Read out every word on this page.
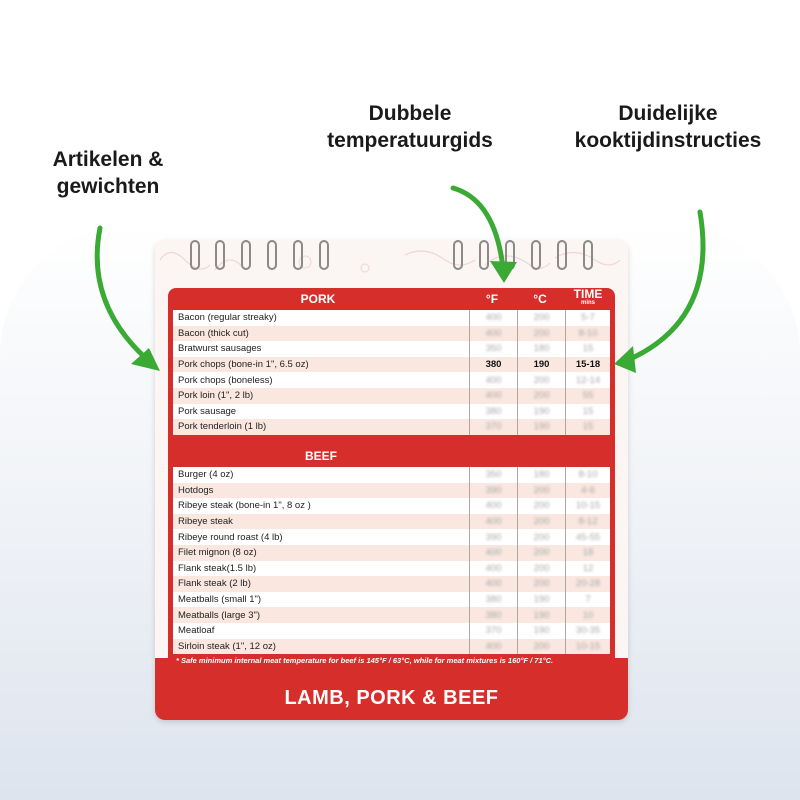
Artikelen &
gewichten
Dubbele
temperatuurgids
Duidelijke
kooktijdinstructies
PORK	°F	°C	TIME
mins
Bacon (regular streaky)	400	200	5-7
Bacon (thick cut)	400	200	8-10
Bratwurst sausages	350	180	15
Pork chops (bone-in 1", 6.5 oz)	380	190	15-18
Pork chops (boneless)	400	200	12-14
Pork loin (1", 2 lb)	400	200	55
Pork sausage	380	190	15
Pork tenderloin (1 lb)	370	190	15
BEEF
Burger (4 oz)	350	180	8-10
Hotdogs	390	200	4-6
Ribeye steak (bone-in 1", 8 oz )	400	200	10-15
Ribeye steak	400	200	8-12
Ribeye round roast (4 lb)	390	200	45-55
Filet mignon (8 oz)	400	200	18
Flank steak(1.5 lb)	400	200	12
Flank steak (2 lb)	400	200	20-28
Meatballs (small 1")	380	190	7
Meatballs (large 3")	380	190	10
Meatloaf	370	190	30-35
Sirloin steak (1", 12 oz)	400	200	10-15
* Safe minimum internal meat temperature for beef is 145°F / 63°C, while for meat mixtures is 160°F / 71°C.
LAMB, PORK & BEEF
